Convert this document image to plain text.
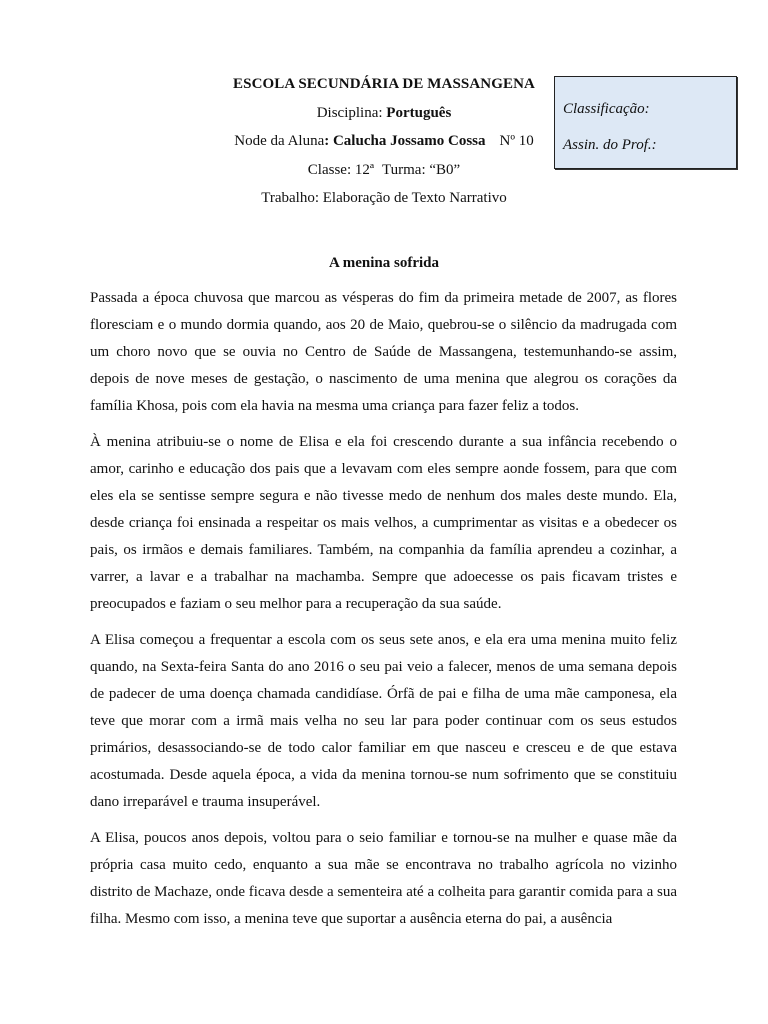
ESCOLA SECUNDÁRIA DE MASSANGENA
Disciplina: Português
Node da Aluna: Calucha Jossamo Cossa Nº 10
Classe: 12ª Turma: “B0”
Trabalho: Elaboração de Texto Narrativo
Classificação:
Assin. do Prof.:
A menina sofrida

Passada a época chuvosa que marcou as vésperas do fim da primeira metade de 2007, as flores floresciam e o mundo dormia quando, aos 20 de Maio, quebrou-se o silêncio da madrugada com um choro novo que se ouvia no Centro de Saúde de Massangena, testemunhando-se assim, depois de nove meses de gestação, o nascimento de uma menina que alegrou os corações da família Khosa, pois com ela havia na mesma uma criança para fazer feliz a todos.

À menina atribuiu-se o nome de Elisa e ela foi crescendo durante a sua infância recebendo o amor, carinho e educação dos pais que a levavam com eles sempre aonde fossem, para que com eles ela se sentisse sempre segura e não tivesse medo de nenhum dos males deste mundo. Ela, desde criança foi ensinada a respeitar os mais velhos, a cumprimentar as visitas e a obedecer os pais, os irmãos e demais familiares. Também, na companhia da família aprendeu a cozinhar, a varrer, a lavar e a trabalhar na machamba. Sempre que adoecesse os pais ficavam tristes e preocupados e faziam o seu melhor para a recuperação da sua saúde.

A Elisa começou a frequentar a escola com os seus sete anos, e ela era uma menina muito feliz quando, na Sexta-feira Santa do ano 2016 o seu pai veio a falecer, menos de uma semana depois de padecer de uma doença chamada candidíase. Órfã de pai e filha de uma mãe camponesa, ela teve que morar com a irmã mais velha no seu lar para poder continuar com os seus estudos primários, desassociando-se de todo calor familiar em que nasceu e cresceu e de que estava acostumada. Desde aquela época, a vida da menina tornou-se num sofrimento que se constituiu dano irreparável e trauma insuperável.

A Elisa, poucos anos depois, voltou para o seio familiar e tornou-se na mulher e quase mãe da própria casa muito cedo, enquanto a sua mãe se encontrava no trabalho agrícola no vizinho distrito de Machaze, onde ficava desde a sementeira até a colheita para garantir comida para a sua filha. Mesmo com isso, a menina teve que suportar a ausência eterna do pai, a ausência
